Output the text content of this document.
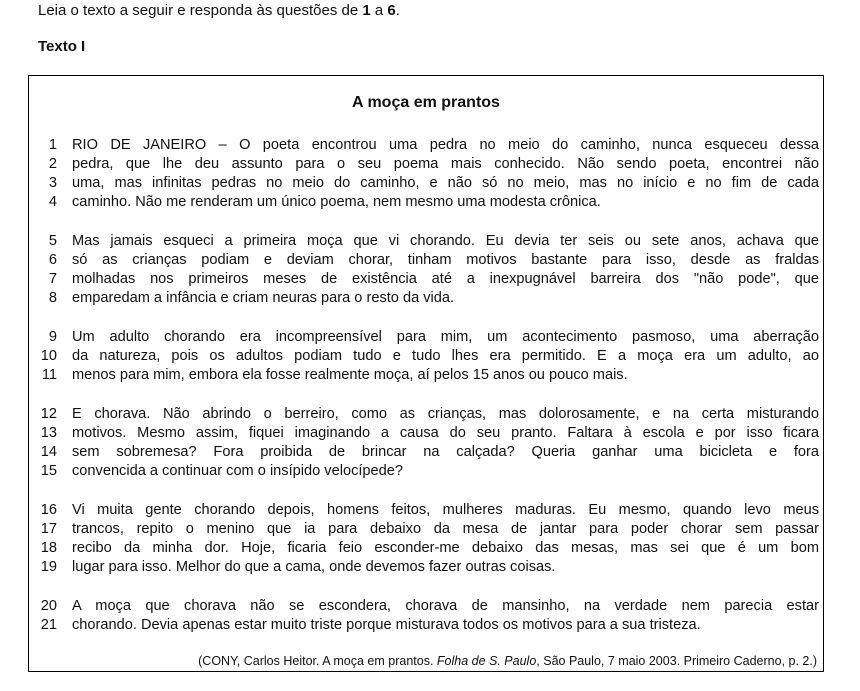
Leia o texto a seguir e responda às questões de 1 a 6.
Texto I
A moça em prantos
1 RIO DE JANEIRO – O poeta encontrou uma pedra no meio do caminho, nunca esqueceu dessa
2 pedra, que lhe deu assunto para o seu poema mais conhecido. Não sendo poeta, encontrei não
3 uma, mas infinitas pedras no meio do caminho, e não só no meio, mas no início e no fim de cada
4 caminho. Não me renderam um único poema, nem mesmo uma modesta crônica.
5 Mas jamais esqueci a primeira moça que vi chorando. Eu devia ter seis ou sete anos, achava que
6 só as crianças podiam e deviam chorar, tinham motivos bastante para isso, desde as fraldas
7 molhadas nos primeiros meses de existência até a inexpugnável barreira dos "não pode", que
8 emparedam a infância e criam neuras para o resto da vida.
9 Um adulto chorando era incompreensível para mim, um acontecimento pasmoso, uma aberração
10 da natureza, pois os adultos podiam tudo e tudo lhes era permitido. E a moça era um adulto, ao
11 menos para mim, embora ela fosse realmente moça, aí pelos 15 anos ou pouco mais.
12 E chorava. Não abrindo o berreiro, como as crianças, mas dolorosamente, e na certa misturando
13 motivos. Mesmo assim, fiquei imaginando a causa do seu pranto. Faltara à escola e por isso ficara
14 sem sobremesa? Fora proibida de brincar na calçada? Queria ganhar uma bicicleta e fora
15 convencida a continuar com o insípido velocípede?
16 Vi muita gente chorando depois, homens feitos, mulheres maduras. Eu mesmo, quando levo meus
17 trancos, repito o menino que ia para debaixo da mesa de jantar para poder chorar sem passar
18 recibo da minha dor. Hoje, ficaria feio esconder-me debaixo das mesas, mas sei que é um bom
19 lugar para isso. Melhor do que a cama, onde devemos fazer outras coisas.
20 A moça que chorava não se escondera, chorava de mansinho, na verdade nem parecia estar
21 chorando. Devia apenas estar muito triste porque misturava todos os motivos para a sua tristeza.
(CONY, Carlos Heitor. A moça em prantos. Folha de S. Paulo, São Paulo, 7 maio 2003. Primeiro Caderno, p. 2.)
